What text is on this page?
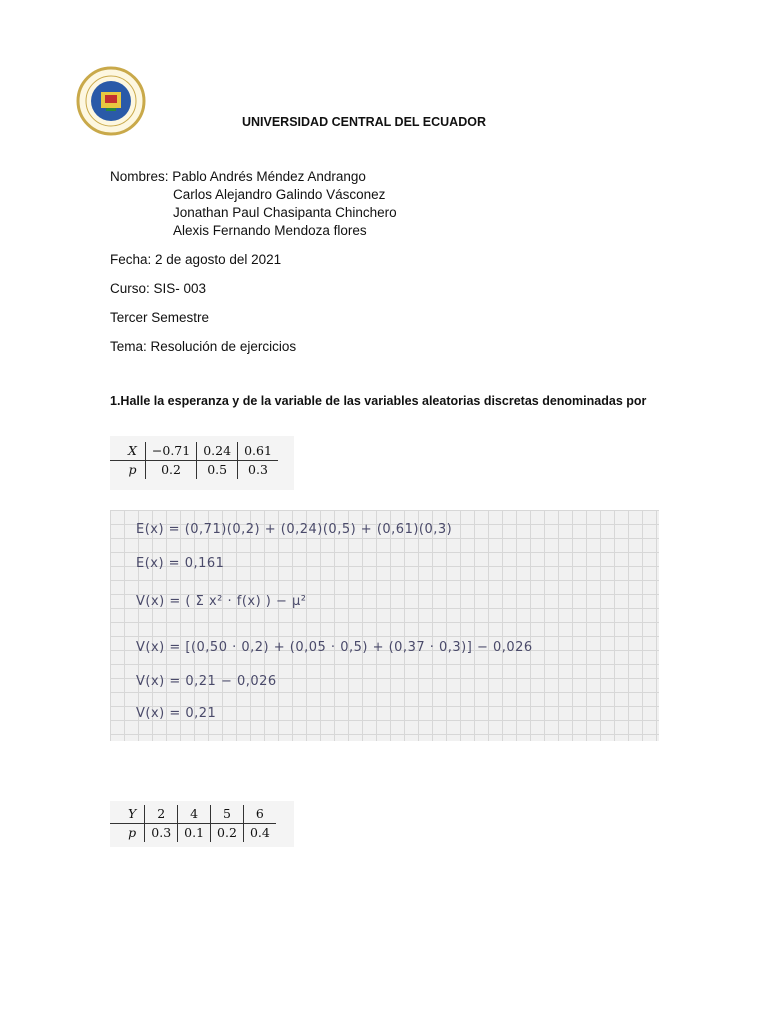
UNIVERSIDAD CENTRAL DEL ECUADOR
Nombres: Pablo Andrés Méndez Andrango
Carlos Alejandro Galindo Vásconez
Jonathan Paul Chasipanta Chinchero
Alexis Fernando Mendoza flores
Fecha: 2 de agosto del 2021
Curso: SIS- 003
Tercer Semestre
Tema: Resolución de ejercicios
1.Halle la esperanza y de la variable de las variables aleatorias discretas denominadas por
X	−0.71	0.24	0.61
p	0.2	0.5	0.3
E(x) = (0,71)(0,2) + (0,24)(0,5) + (0,61)(0,3)
E(x) = 0,161
V(x) = ( Σ x² · f(x) ) − μ²
V(x) = [(0,50 · 0,2) + (0,05 · 0,5) + (0,37 · 0,3)] − 0,026
V(x) = 0,21 − 0,026
V(x) = 0,21
Y	2	4	5	6
p	0.3	0.1	0.2	0.4
